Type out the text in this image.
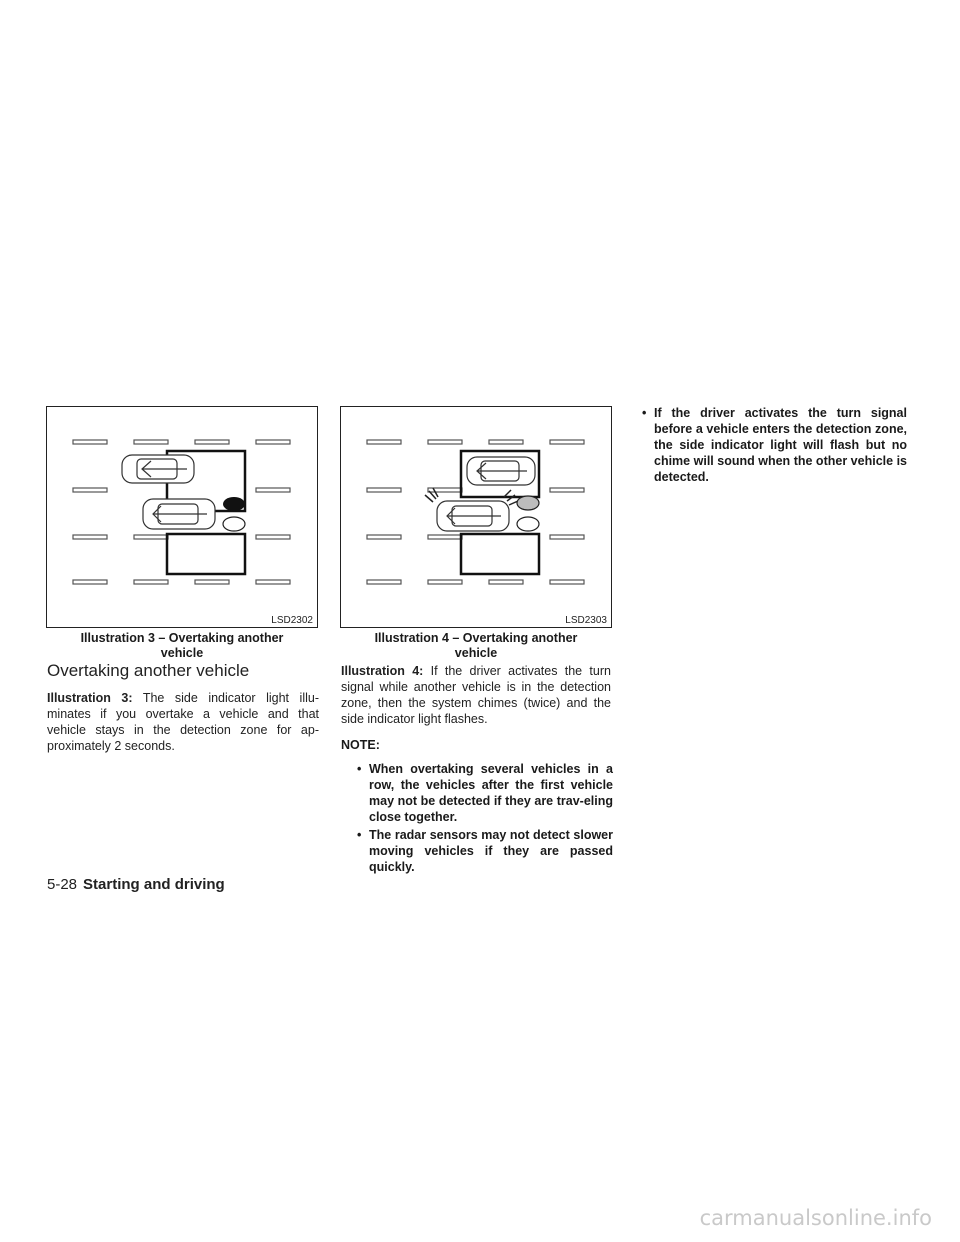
LSD2302
Illustration 3 – Overtaking another
vehicle
LSD2303
Illustration 4 – Overtaking another
vehicle
Overtaking another vehicle

Illustration 3: The side indicator light illu-minates if you overtake a vehicle and that vehicle stays in the detection zone for ap-proximately 2 seconds.

Illustration 4: If the driver activates the turn signal while another vehicle is in the detection zone, then the system chimes (twice) and the side indicator light flashes.

NOTE:

• When overtaking several vehicles in a row, the vehicles after the first vehicle may not be detected if they are trav-eling close together.

• The radar sensors may not detect slower moving vehicles if they are passed quickly.

• If the driver activates the turn signal before a vehicle enters the detection zone, the side indicator light will flash but no chime will sound when the other vehicle is detected.

5-28 Starting and driving
carmanualsonline.info
